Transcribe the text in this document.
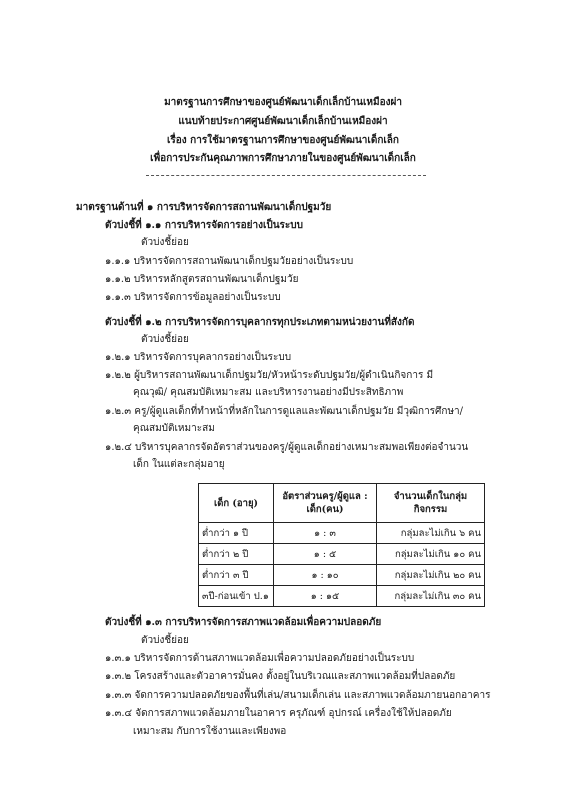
มาตรฐานการศึกษาของศูนย์พัฒนาเด็กเล็กบ้านเหมืองผ่า
แนบท้ายประกาศศูนย์พัฒนาเด็กเล็กบ้านเหมืองผ่า
เรื่อง การใช้มาตรฐานการศึกษาของศูนย์พัฒนาเด็กเล็ก
เพื่อการประกันคุณภาพการศึกษาภายในของศูนย์พัฒนาเด็กเล็ก
มาตรฐานด้านที่ ๑ การบริหารจัดการสถานพัฒนาเด็กปฐมวัย
ตัวบ่งชี้ที่ ๑.๑ การบริหารจัดการอย่างเป็นระบบ
ตัวบ่งชี้ย่อย
๑.๑.๑ บริหารจัดการสถานพัฒนาเด็กปฐมวัยอย่างเป็นระบบ
๑.๑.๒ บริหารหลักสูตรสถานพัฒนาเด็กปฐมวัย
๑.๑.๓ บริหารจัดการข้อมูลอย่างเป็นระบบ
ตัวบ่งชี้ที่ ๑.๒ การบริหารจัดการบุคลากรทุกประเภทตามหน่วยงานที่สังกัด
ตัวบ่งชี้ย่อย
๑.๒.๑ บริหารจัดการบุคลากรอย่างเป็นระบบ
๑.๒.๒ ผู้บริหารสถานพัฒนาเด็กปฐมวัย/หัวหน้าระดับปฐมวัย/ผู้ดำเนินกิจการ มี
คุณวุฒิ/ คุณสมบัติเหมาะสม และบริหารงานอย่างมีประสิทธิภาพ
๑.๒.๓ ครู/ผู้ดูแลเด็กที่ทำหน้าที่หลักในการดูแลและพัฒนาเด็กปฐมวัย มีวุฒิการศึกษา/
คุณสมบัติเหมาะสม
๑.๒.๔ บริหารบุคลากรจัดอัตราส่วนของครู/ผู้ดูแลเด็กอย่างเหมาะสมพอเพียงต่อจำนวน
เด็ก ในแต่ละกลุ่มอายุ
เด็ก (อายุ)	อัตราส่วนครู/ผู้ดูแล : เด็ก(คน)	จำนวนเด็กในกลุ่ม กิจกรรม
ต่ำกว่า ๑ ปี	๑ : ๓	กลุ่มละไม่เกิน ๖ คน
ต่ำกว่า ๒ ปี	๑ : ๕	กลุ่มละไม่เกิน ๑๐ คน
ต่ำกว่า ๓ ปี	๑ : ๑๐	กลุ่มละไม่เกิน ๒๐ คน
๓ปี-ก่อนเข้า ป.๑	๑ : ๑๕	กลุ่มละไม่เกิน ๓๐ คน
ตัวบ่งชี้ที่ ๑.๓ การบริหารจัดการสภาพแวดล้อมเพื่อความปลอดภัย
ตัวบ่งชี้ย่อย
๑.๓.๑ บริหารจัดการด้านสภาพแวดล้อมเพื่อความปลอดภัยอย่างเป็นระบบ
๑.๓.๒ โครงสร้างและตัวอาคารมั่นคง ตั้งอยู่ในบริเวณและสภาพแวดล้อมที่ปลอดภัย
๑.๓.๓ จัดการความปลอดภัยของพื้นที่เล่น/สนามเด็กเล่น และสภาพแวดล้อมภายนอกอาคาร
๑.๓.๔ จัดการสภาพแวดล้อมภายในอาคาร ครุภัณฑ์ อุปกรณ์ เครื่องใช้ให้ปลอดภัย
เหมาะสม กับการใช้งานและเพียงพอ
